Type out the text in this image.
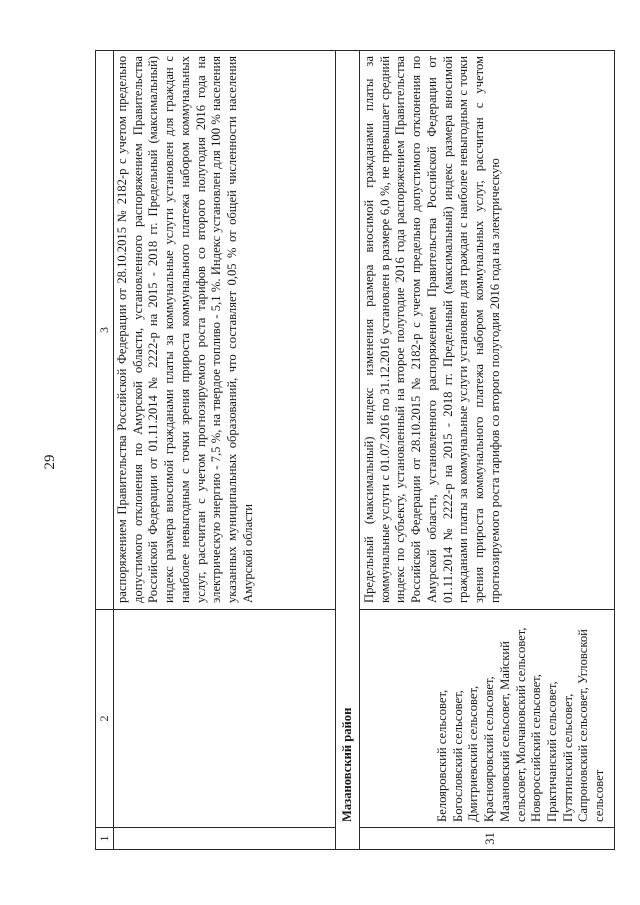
29
1
2
3 распоряжением Правительства Российской Федерации от 28.10.2015 № 2182-р с учетом предельно допустимого отклонения по Амурской области, установленного распоряжением Правительства Российской Федерации от 01.11.2014 № 2222-р на 2015 - 2018 гг. Предельный (максимальный) индекс размера вносимой гражданами платы за коммунальные услуги установлен для граждан с наиболее невыгодным с точки зрения прироста коммунального платежа набором коммунальных услуг, рассчитан с учетом прогнозируемого роста тарифов со второго полугодия 2016 года на электрическую энергию - 7,5 %, на твердое топливо - 5,1 %. Индекс установлен для 100 % населения указанных муниципальных образований, что составляет 0,05 % от общей численности населения Амурской области
Мазановский район
31
Белояровский сельсовет, Богословский сельсовет, Дмитриевский сельсовет, Краснояровский сельсовет, Мазановский сельсовет, Майский сельсовет, Молчановский сельсовет, Новороссийский сельсовет, Практичанский сельсовет, Путятинский сельсовет, Сапроновский сельсовет, Угловской сельсовет
Предельный (максимальный) индекс изменения размера вносимой гражданами платы за коммунальные услуги с 01.07.2016 по 31.12.2016 установлен в размере 6,0 %, не превышает средний индекс по субъекту, установленный на второе полугодие 2016 года распоряжением Правительства Российской Федерации от 28.10.2015 № 2182-р с учетом предельно допустимого отклонения по Амурской области, установленного распоряжением Правительства Российской Федерации от 01.11.2014 № 2222-р на 2015 - 2018 гг. Предельный (максимальный) индекс размера вносимой гражданами платы за коммунальные услуги установлен для граждан с наиболее невыгодным с точки зрения прироста коммунального платежа набором коммунальных услуг, рассчитан с учетом прогнозируемого роста тарифов со второго полугодия 2016 года на электрическую
